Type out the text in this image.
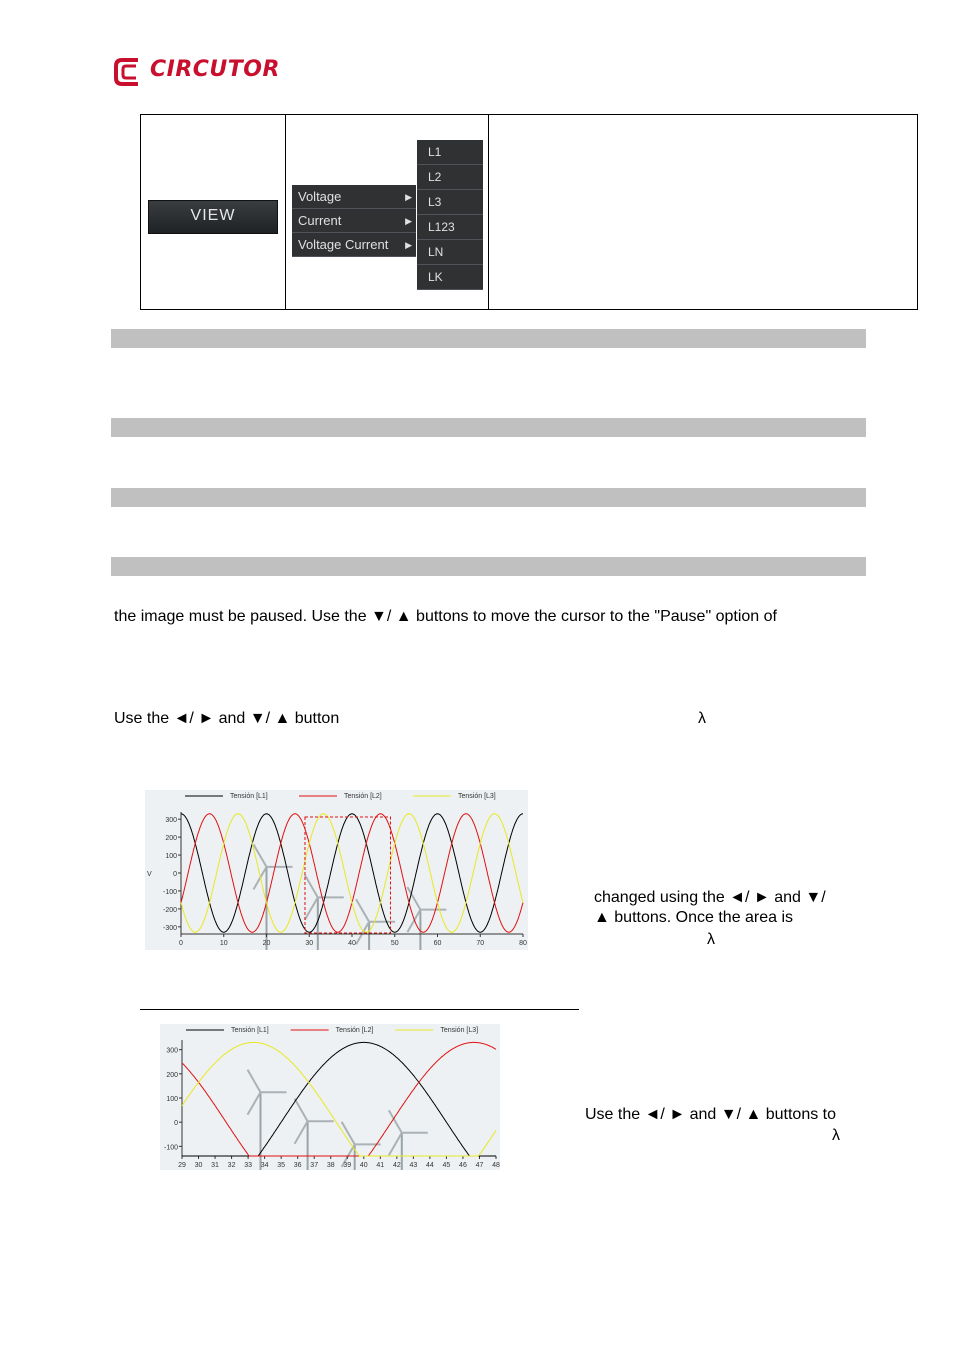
CIRCUTOR

VIEW
Voltage	▶
Current	▶
Voltage Current ▶
L1
L2
L3
L123
LN
LK
the image must be paused. Use the ▼/ ▲ buttons to move the cursor to the "Pause" option of
Use the ◄/ ► and ▼/ ▲ button	λ
changed using the ◄/ ► and ▼/
▲ buttons. Once the area is
λ
Use the ◄/ ► and ▼/ ▲ buttons to
λ
300
200
100
0
-100
-200
-300
0	10	20	30	40	50	60	70	80
V
Tensión [L1]	Tensión [L2]	Tensión [L3]
300
200
100
0
-100
29 30 31 32 33 34 35 36 37 38 39 40 41 42 43 44 45 46 47 48
Tensión [L1]	Tensión [L2]	Tensión [L3]
